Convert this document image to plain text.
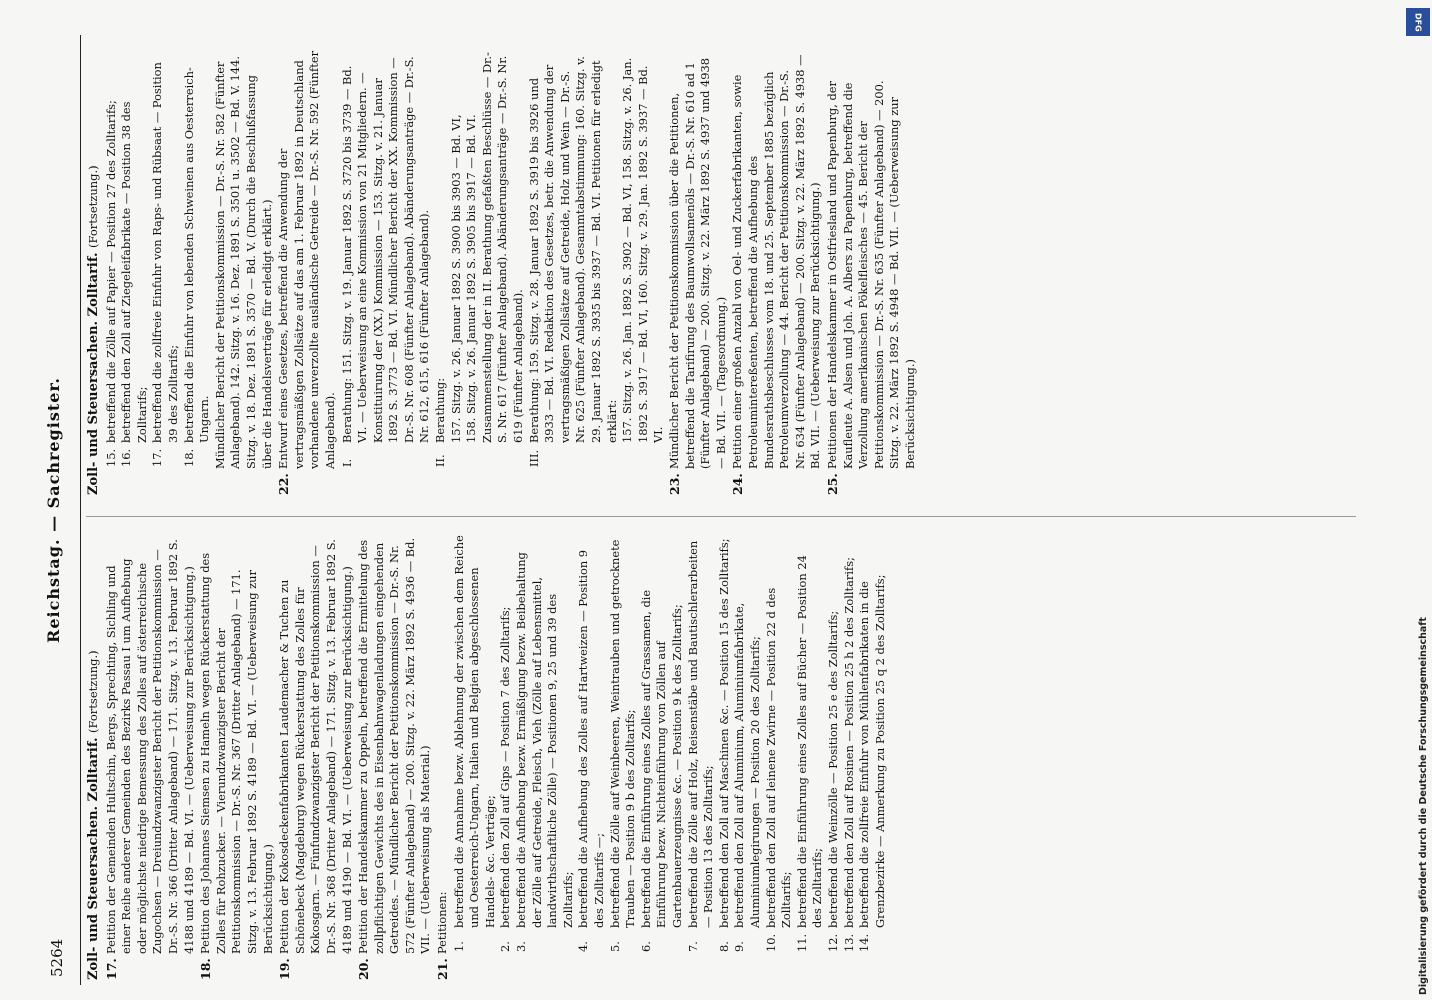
5264
Reichstag. — Sachregister.
Zoll- und Steuersachen. Zolltarif. (Fortsetzung.)
17.
Petition der Gemeinden Hultschin, Bergs, Sprechting, Sichling und einer Reihe anderer Gemeinden des Bezirks Passau I um Aufhebung oder möglichste niedrige Bemessung des Zolles auf österreichische Zugochsen — Dreiundzwanzigster Bericht der Petitionskommission — Dr.-S. Nr. 366 (Dritter Anlageband) — 171. Sitzg. v. 13. Februar 1892 S. 4188 und 4189 — Bd. VI. — (Ueberweisung zur Berücksichtigung.)
18.
Petition des Johannes Siemsen zu Hameln wegen Rückerstattung des Zolles für Rohzucker. — Vierundzwanzigster Bericht der Petitionskommission — Dr.-S. Nr. 367 (Dritter Anlageband) — 171. Sitzg. v. 13. Februar 1892 S. 4189 — Bd. VI. — (Ueberweisung zur Berücksichtigung.)
19.
Petition der Kokosdeckenfabrikanten Laudemacher & Tuchen zu Schönebeck (Magdeburg) wegen Rückerstattung des Zolles für Kokosgarn. — Fünfundzwanzigster Bericht der Petitionskommission — Dr.-S. Nr. 368 (Dritter Anlageband) — 171. Sitzg. v. 13. Februar 1892 S. 4189 und 4190 — Bd. VI. — (Ueberweisung zur Berücksichtigung.)
20.
Petition der Handelskammer zu Oppeln, betreffend die Ermittelung des zollpflichtigen Gewichts des in Eisenbahnwagenladungen eingehenden Getreides. — Mündlicher Bericht der Petitionskommission — Dr.-S. Nr. 572 (Fünfter Anlageband) — 200. Sitzg. v. 22. März 1892 S. 4936 — Bd. VII. — (Ueberweisung als Material.)
21.
Petitionen: 1.
betreffend die Annahme bezw. Ablehnung der zwischen dem Reiche und Oesterreich-Ungarn, Italien und Belgien abgeschlossenen Handels- &c. Verträge;
2.
betreffend den Zoll auf Gips — Position 7 des Zolltarifs;
3.
betreffend die Aufhebung bezw. Ermäßigung bezw. Beibehaltung der Zölle auf Getreide, Fleisch, Vieh (Zölle auf Lebensmittel, landwirthschaftliche Zölle) — Positionen 9, 25 und 39 des Zolltarifs;
4.
betreffend die Aufhebung des Zolles auf Hartweizen — Position 9 des Zolltarifs —;
5.
betreffend die Zölle auf Weinbeeren, Weintrauben und getrocknete Trauben — Position 9 b des Zolltarifs;
6.
betreffend die Einführung eines Zolles auf Grassamen, die Einführung bezw. Nichteinführung von Zöllen auf Gartenbauerzeugnisse &c. — Position 9 k des Zolltarifs;
7.
betreffend die Zölle auf Holz, Reisenstäbe und Bautischlerarbeiten — Position 13 des Zolltarifs;
8.
betreffend den Zoll auf Maschinen &c. — Position 15 des Zolltarifs;
9.
betreffend den Zoll auf Aluminium, Aluminiumfabrikate, Aluminiumlegirungen — Position 20 des Zolltarifs;
10.
betreffend den Zoll auf leinene Zwirne — Position 22 d des Zolltarifs;
11.
betreffend die Einführung eines Zolles auf Bücher — Position 24 des Zolltarifs;
12.
betreffend die Weinzölle — Position 25 e des Zolltarifs;
13.
betreffend den Zoll auf Rosinen — Position 25 h 2 des Zolltarifs;
14.
betreffend die zollfreie Einfuhr von Mühlenfabrikaten in die Grenzbezirke — Anmerkung zu Position 25 q 2 des Zolltarifs;
Zoll- und Steuersachen. Zolltarif. (Fortsetzung.)
15.
betreffend die Zölle auf Papier — Position 27 des Zolltarifs;
16.
betreffend den Zoll auf Ziegeleifabrikate — Position 38 des Zolltarifs;
17.
betreffend die zollfreie Einfuhr von Raps- und Rübsaat — Position 39 des Zolltarifs;
18.
betreffend die Einfuhr von lebenden Schweinen aus Oesterreich-Ungarn. Mündlicher Bericht der Petitionskommission — Dr.-S. Nr. 582 (Fünfter Anlageband). 142. Sitzg. v. 16. Dez. 1891 S. 3501 u. 3502 — Bd. V. 144. Sitzg. v. 18. Dez. 1891 S. 3570 — Bd. V. (Durch die Beschlußfassung über die Handelsverträge für erledigt erklärt.)
22.
Entwurf eines Gesetzes, betreffend die Anwendung der vertragsmäßigen Zollsätze auf das am 1. Februar 1892 in Deutschland vorhandene unverzollte ausländische Getreide — Dr.-S. Nr. 592 (Fünfter Anlageband). I.
Berathung: 151. Sitzg. v. 19. Januar 1892 S. 3720 bis 3739 — Bd. VI. — Ueberweisung an eine Kommission von 21 Mitgliedern. — Konstituirung der (XX.) Kommission — 153. Sitzg. v. 21. Januar 1892 S. 3773 — Bd. VI. Mündlicher Bericht der XX. Kommission — Dr.-S. Nr. 608 (Fünfter Anlageband). Abänderungsanträge — Dr.-S. Nr. 612, 615, 616 (Fünfter Anlageband).
II.
Berathung: 157. Sitzg. v. 26. Januar 1892 S. 3900 bis 3903 — Bd. VI, 158. Sitzg. v. 26. Januar 1892 S. 3905 bis 3917 — Bd. VI. Zusammenstellung der in II. Berathung gefaßten Beschlüsse — Dr.-S. Nr. 617 (Fünfter Anlageband). Abänderungsanträge — Dr.-S. Nr. 619 (Fünfter Anlageband).
III.
Berathung: 159. Sitzg. v. 28. Januar 1892 S. 3919 bis 3926 und 3933 — Bd. VI. Redaktion des Gesetzes, betr. die Anwendung der vertragsmäßigen Zollsätze auf Getreide, Holz und Wein — Dr.-S. Nr. 625 (Fünfter Anlageband). Gesammtabstimmung: 160. Sitzg. v. 29. Januar 1892 S. 3935 bis 3937 — Bd. VI. Petitionen für erledigt erklärt: 157. Sitzg. v. 26. Jan. 1892 S. 3902 — Bd. VI, 158. Sitzg. v. 26. Jan. 1892 S. 3917 — Bd. VI, 160. Sitzg. v. 29. Jan. 1892 S. 3937 — Bd. VI.
23.
Mündlicher Bericht der Petitionskommission über die Petitionen, betreffend die Tarifirung des Baumwollsamenöls — Dr.-S. Nr. 610 ad 1 (Fünfter Anlageband) — 200. Sitzg. v. 22. März 1892 S. 4937 und 4938 — Bd. VII. — (Tagesordnung.)
24.
Petition einer großen Anzahl von Oel- und Zuckerfabrikanten, sowie Petroleumintereßenten, betreffend die Aufhebung des Bundesrathsbeschlusses vom 18. und 25. September 1885 bezüglich Petroleumverzollung — 44. Bericht der Petitionskommission — Dr.-S. Nr. 634 (Fünfter Anlageband) — 200. Sitzg. v. 22. März 1892 S. 4938 — Bd. VII. — (Ueberweisung zur Berücksichtigung.)
25.
Petitionen der Handelskammer in Ostfriesland und Papenburg, der Kaufleute A. Alsen und Joh. A. Albers zu Papenburg, betreffend die Verzollung amerikanischen Pökelfleisches — 45. Bericht der Petitionskommission — Dr.-S. Nr. 635 (Fünfter Anlageband) — 200. Sitzg. v. 22. März 1892 S. 4948 — Bd. VII. — (Ueberweisung zur Berücksichtigung.)
DFG
Digitalisierung gefördert durch die Deutsche Forschungsgemeinschaft
